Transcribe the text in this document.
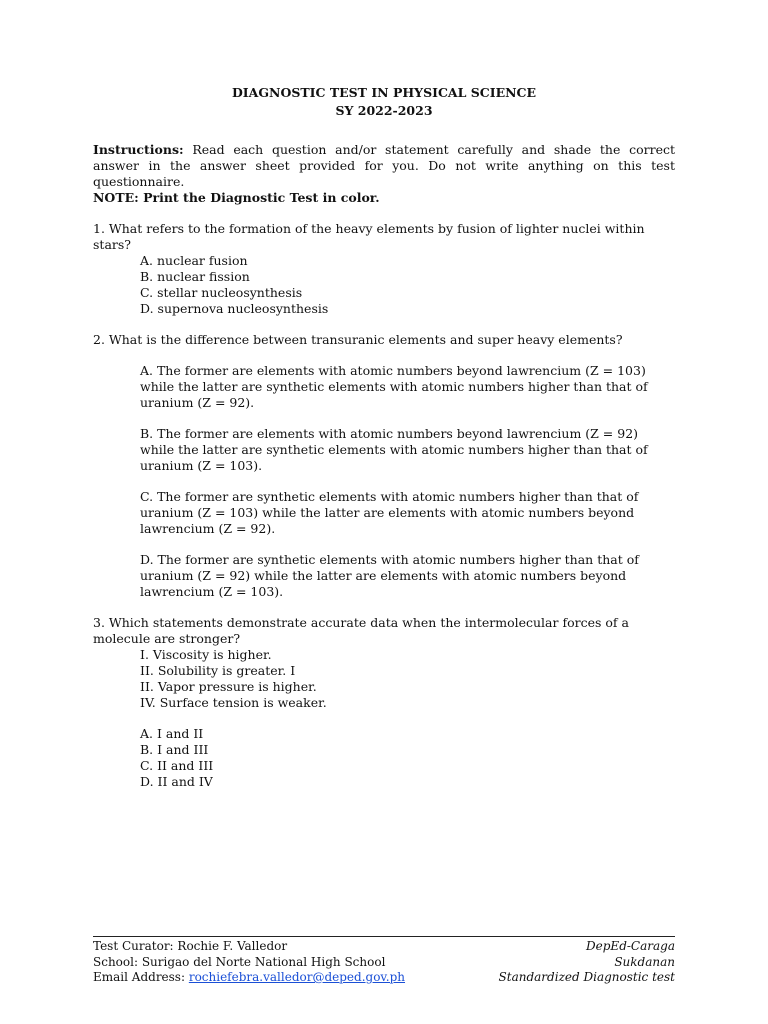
DIAGNOSTIC TEST IN PHYSICAL SCIENCE
SY 2022-2023
Instructions: Read each question and/or statement carefully and shade the correct answer in the answer sheet provided for you. Do not write anything on this test questionnaire.
NOTE: Print the Diagnostic Test in color.
1. What refers to the formation of the heavy elements by fusion of lighter nuclei within stars?
A. nuclear fusion
B. nuclear fission
C. stellar nucleosynthesis
D. supernova nucleosynthesis
2. What is the difference between transuranic elements and super heavy elements?
A. The former are elements with atomic numbers beyond lawrencium (Z = 103) while the latter are synthetic elements with atomic numbers higher than that of uranium (Z = 92).
B. The former are elements with atomic numbers beyond lawrencium (Z = 92) while the latter are synthetic elements with atomic numbers higher than that of uranium (Z = 103).
C. The former are synthetic elements with atomic numbers higher than that of uranium (Z = 103) while the latter are elements with atomic numbers beyond lawrencium (Z = 92).
D. The former are synthetic elements with atomic numbers higher than that of uranium (Z = 92) while the latter are elements with atomic numbers beyond lawrencium (Z = 103).
3. Which statements demonstrate accurate data when the intermolecular forces of a molecule are stronger?
I. Viscosity is higher.
II. Solubility is greater. I
II. Vapor pressure is higher.
IV. Surface tension is weaker.
A. I and II
B. I and III
C. II and III
D. II and IV
Test Curator: Rochie F. Valledor
School: Surigao del Norte National High School
Email Address: rochiefebra.valledor@deped.gov.ph
DepEd-Caraga
Sukdanan
Standardized Diagnostic test
